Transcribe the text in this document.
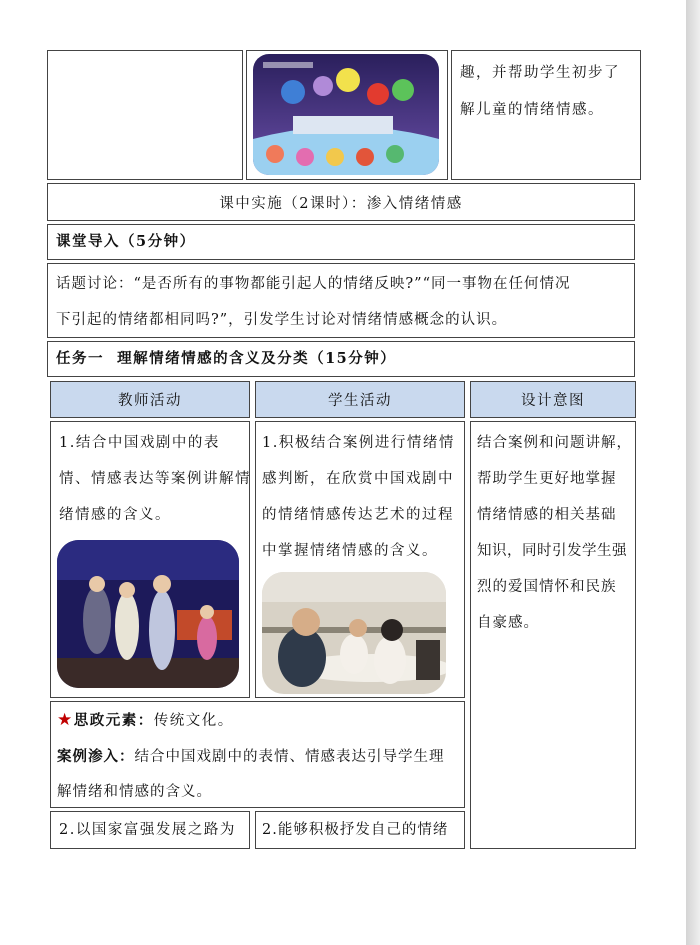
趣，并帮助学生初步了
解儿童的情绪情感。
课中实施（2课时）：渗入情绪情感
课堂导入（5分钟）
话题讨论：“是否所有的事物都能引起人的情绪反映?”“同一事物在任何情况
下引起的情绪都相同吗?”，引发学生讨论对情绪情感概念的认识。
任务一  理解情绪情感的含义及分类（15分钟）
教师活动	学生活动	设计意图
1.结合中国戏剧中的表
情、情感表达等案例讲解情
绪情感的含义。
1.积极结合案例进行情绪情
感判断，在欣赏中国戏剧中
的情绪情感传达艺术的过程
中掌握情绪情感的含义。
结合案例和问题讲解，
帮助学生更好地掌握
情绪情感的相关基础
知识，同时引发学生强
烈的爱国情怀和民族
自豪感。
★思政元素：传统文化。
案例渗入：结合中国戏剧中的表情、情感表达引导学生理
解情绪和情感的含义。
2.以国家富强发展之路为 2.能够积极抒发自己的情绪
